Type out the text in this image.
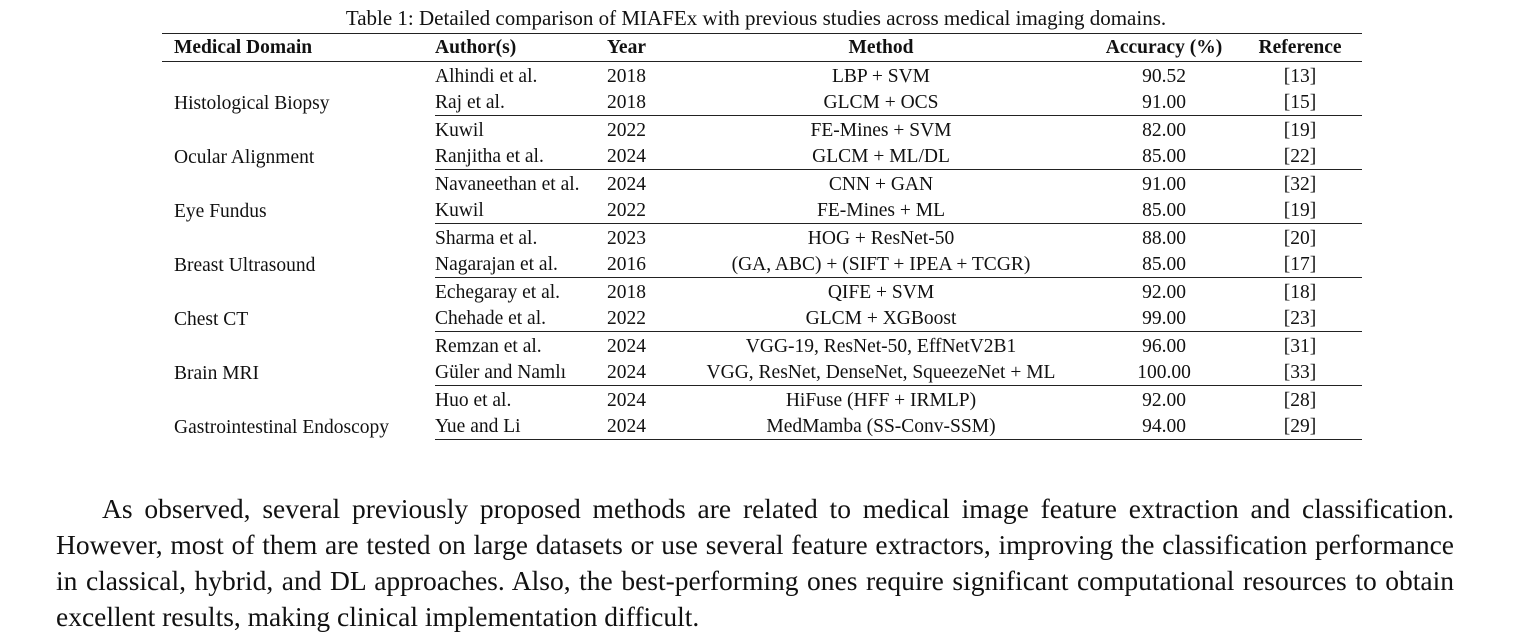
Table 1: Detailed comparison of MIAFEx with previous studies across medical imaging domains.
Medical Domain	Author(s)	Year	Method	Accuracy (%)	Reference
Histological Biopsy	Alhindi et al.	2018	LBP + SVM	90.52	[13]
	Raj et al.	2018	GLCM + OCS	91.00	[15]
Ocular Alignment	Kuwil	2022	FE-Mines + SVM	82.00	[19]
	Ranjitha et al.	2024	GLCM + ML/DL	85.00	[22]
Eye Fundus	Navaneethan et al.	2024	CNN + GAN	91.00	[32]
	Kuwil	2022	FE-Mines + ML	85.00	[19]
Breast Ultrasound	Sharma et al.	2023	HOG + ResNet-50	88.00	[20]
	Nagarajan et al.	2016	(GA, ABC) + (SIFT + IPEA + TCGR)	85.00	[17]
Chest CT	Echegaray et al.	2018	QIFE + SVM	92.00	[18]
	Chehade et al.	2022	GLCM + XGBoost	99.00	[23]
Brain MRI	Remzan et al.	2024	VGG-19, ResNet-50, EffNetV2B1	96.00	[31]
	Güler and Namlı	2024	VGG, ResNet, DenseNet, SqueezeNet + ML	100.00	[33]
Gastrointestinal Endoscopy	Huo et al.	2024	HiFuse (HFF + IRMLP)	92.00	[28]
	Yue and Li	2024	MedMamba (SS-Conv-SSM)	94.00	[29]

As observed, several previously proposed methods are related to medical image feature extraction and classification. However, most of them are tested on large datasets or use several feature extractors, improving the classification performance in classical, hybrid, and DL approaches. Also, the best-performing ones require significant computational resources to obtain excellent results, making clinical implementation difficult.
